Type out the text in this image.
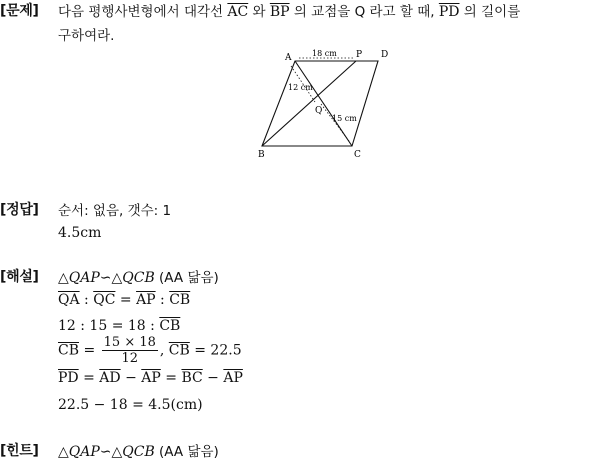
[문제] 다음 평행사변형에서 대각선 $\overline{AC}$ 와 $\overline{BP}$ 의 교점을 Q 라고 할 때, $\overline{PD}$ 의 길이를
구하여라.
A	P D
B	C
Q
18 cm
12 cm
15 cm
[정답] 순서: 없음, 갯수: 1
4.5cm
[해설] △QAP∽△QCB (AA 닮음)
$\overline{QA}$ : $\overline{QC} = \overline{AP}$ : $\overline{CB}$
12 : 15 = 18 : $\overline{CB}$
$\overline{CB} = \frac{15 \times 18}{12}$ , $\overline{CB} = 22.5$
$\overline{PD} = \overline{AD} - \overline{AP} = \overline{BC} - \overline{AP}$
22.5 − 18 = 4.5(cm)
[힌트] △QAP∽△QCB (AA 닮음)
